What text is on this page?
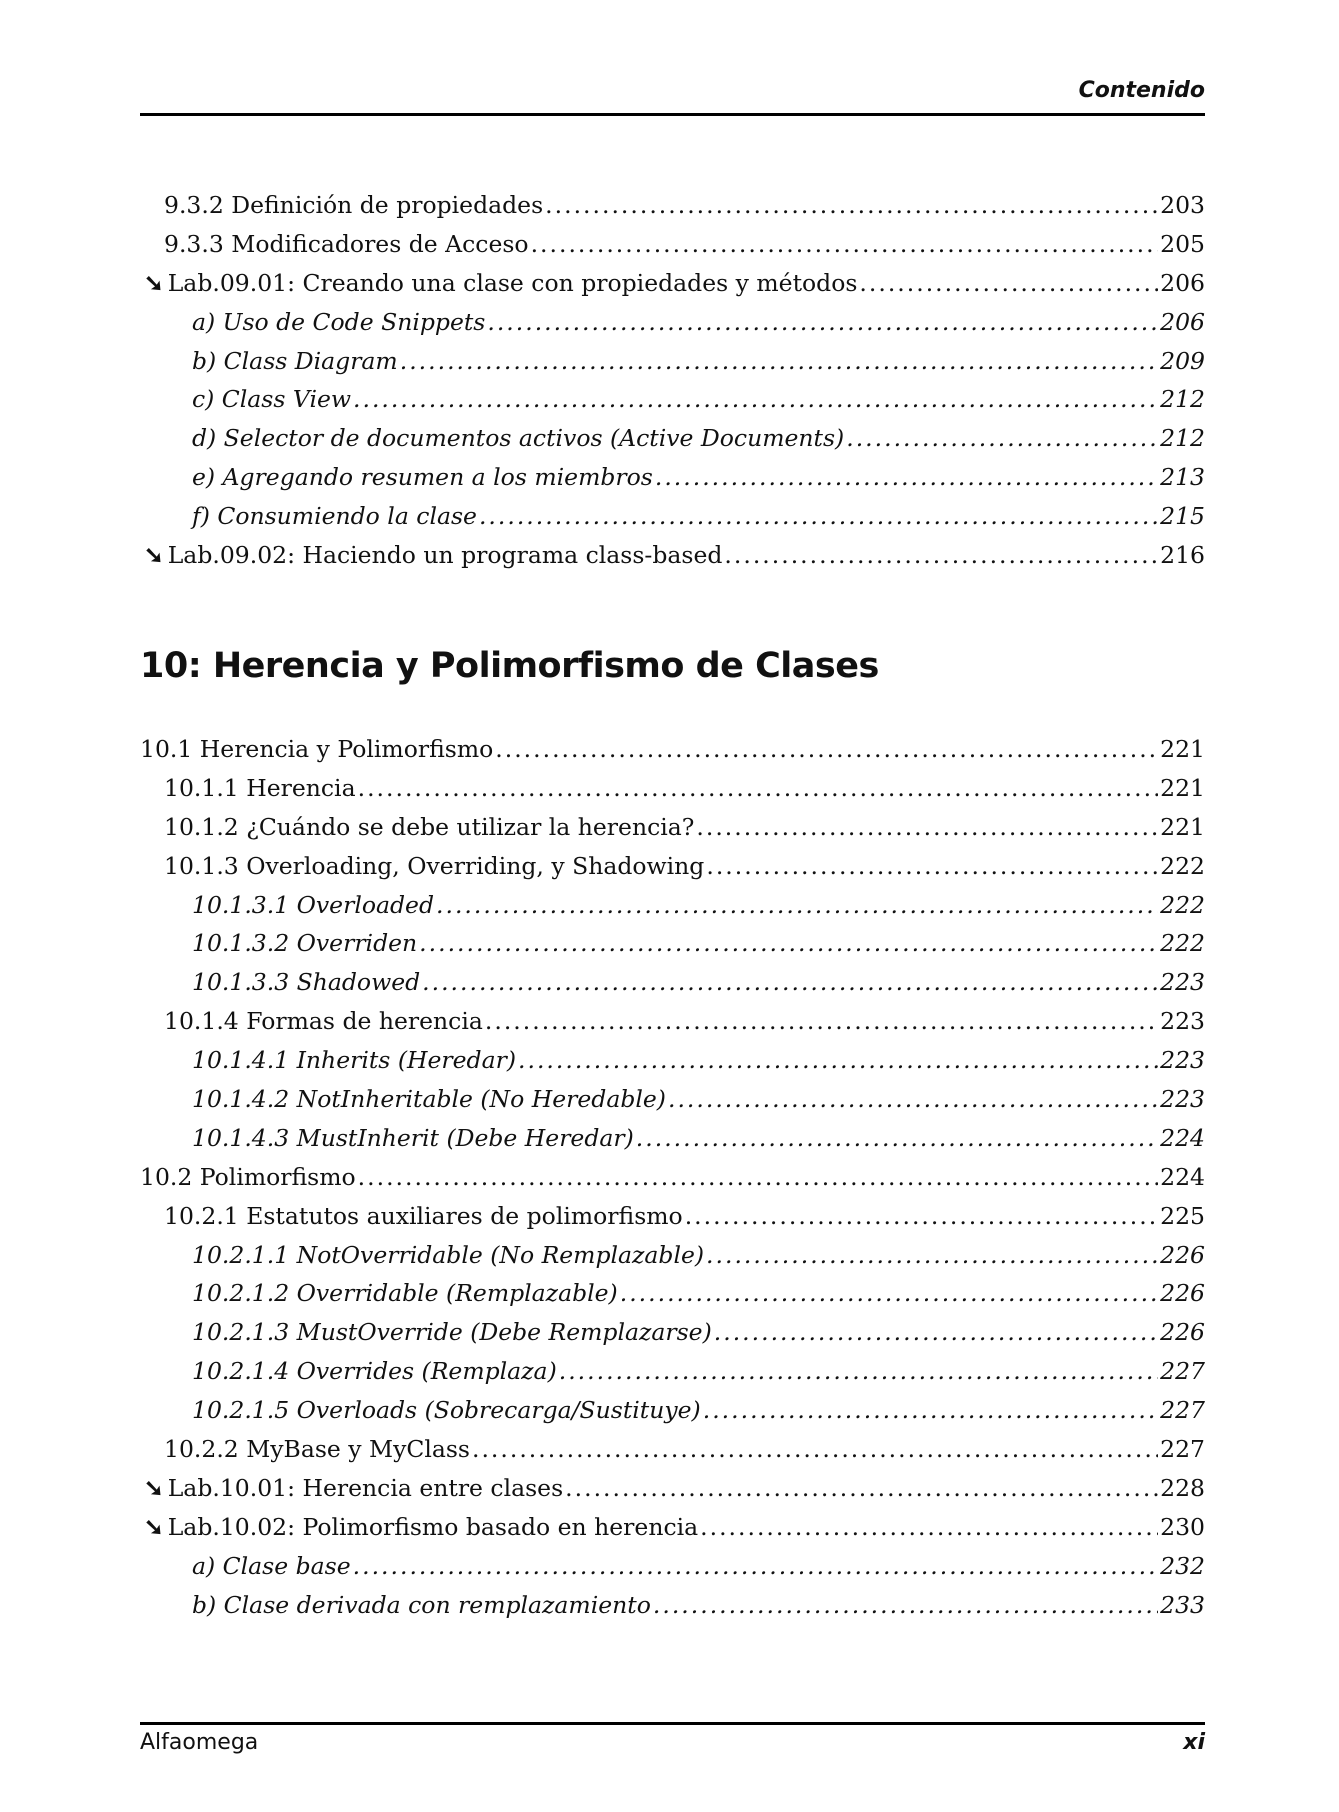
Contenido
9.3.2 Definición de propiedades .....	203
9.3.3 Modificadores de Acceso .....	205
➘ Lab.09.01: Creando una clase con propiedades y métodos .....	206
a) Uso de Code Snippets .....	206
b) Class Diagram .....	209
c) Class View .....	212
d) Selector de documentos activos (Active Documents) .....	212
e) Agregando resumen a los miembros .....	213
f) Consumiendo la clase .....	215
➘ Lab.09.02: Haciendo un programa class-based .....	216
10: Herencia y Polimorfismo de Clases
10.1 Herencia y Polimorfismo .....	221
10.1.1 Herencia .....	221
10.1.2 ¿Cuándo se debe utilizar la herencia? .....	221
10.1.3 Overloading, Overriding, y Shadowing .....	222
10.1.3.1 Overloaded .....	222
10.1.3.2 Overriden .....	222
10.1.3.3 Shadowed .....	223
10.1.4 Formas de herencia .....	223
10.1.4.1 Inherits (Heredar) .....	223
10.1.4.2 NotInheritable (No Heredable) .....	223
10.1.4.3 MustInherit (Debe Heredar) .....	224
10.2 Polimorfismo .....	224
10.2.1 Estatutos auxiliares de polimorfismo .....	225
10.2.1.1 NotOverridable (No Remplazable) .....	226
10.2.1.2 Overridable (Remplazable) .....	226
10.2.1.3 MustOverride (Debe Remplazarse) .....	226
10.2.1.4 Overrides (Remplaza) .....	227
10.2.1.5 Overloads (Sobrecarga/Sustituye) .....	227
10.2.2 MyBase y MyClass .....	227
➘ Lab.10.01: Herencia entre clases .....	228
➘ Lab.10.02: Polimorfismo basado en herencia .....	230
a) Clase base .....	232
b) Clase derivada con remplazamiento .....	233
Alfaomega	xi
